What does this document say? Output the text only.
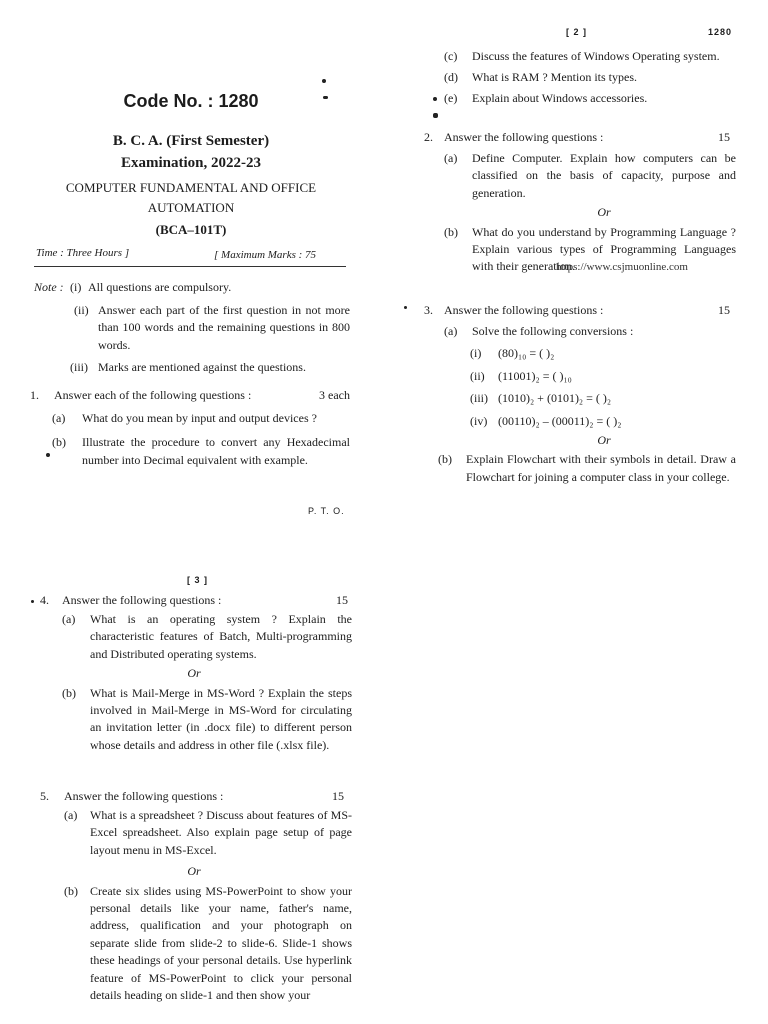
Code No. : 1280
B. C. A. (First Semester)
Examination, 2022-23
COMPUTER FUNDAMENTAL AND OFFICE
AUTOMATION
(BCA–101T)
Time : Three Hours ]	[ Maximum Marks : 75
Note : (i) All questions are compulsory.
(ii) Answer each part of the first question in not more than 100 words and the remaining questions in 800 words.

(iii) Marks are mentioned against the questions.
1. Answer each of the following questions :	3 each
(a) What do you mean by input and output devices ?

(b) Illustrate the procedure to convert any Hexadecimal number into Decimal equivalent with example.

P. T. O.
[ 2 ]	1280
(c) Discuss the features of Windows Operating system.

(d) What is RAM ? Mention its types.

(e) Explain about Windows accessories.

2. Answer the following questions :	15
(a) Define Computer. Explain how computers can be classified on the basis of capacity, purpose and generation.

Or
(b) What do you understand by Programming Language ? Explain various types of Programming Languages with their generation.

https://www.csjmuonline.com
3. Answer the following questions :	15
(a) Solve the following conversions :

(i) (80)₁₀ = ( )₂
(ii) (11001)₂ = ( )₁₀
(iii) (1010)₂ + (0101)₂ = ( )₂
(iv) (00110)₂ – (00011)₂ = ( )₂
Or
(b) Explain Flowchart with their symbols in detail. Draw a Flowchart for joining a computer class in your college.

[ 3 ]
4. Answer the following questions :	15
(a) What is an operating system ? Explain the characteristic features of Batch, Multi-programming and Distributed operating systems.

Or
(b) What is Mail-Merge in MS-Word ? Explain the steps involved in Mail-Merge in MS-Word for circulating an invitation letter (in .docx file) to different person whose details and address in other file (.xlsx file).

5. Answer the following questions :	15
(a) What is a spreadsheet ? Discuss about features of MS-Excel spreadsheet. Also explain page setup of page layout menu in MS-Excel.

Or
(b) Create six slides using MS-PowerPoint to show your personal details like your name, father's name, address, qualification and your photograph on separate slide from slide-2 to slide-6. Slide-1 shows these headings of your personal details. Use hyperlink feature of MS-PowerPoint to click your personal details heading on slide-1 and then show your
